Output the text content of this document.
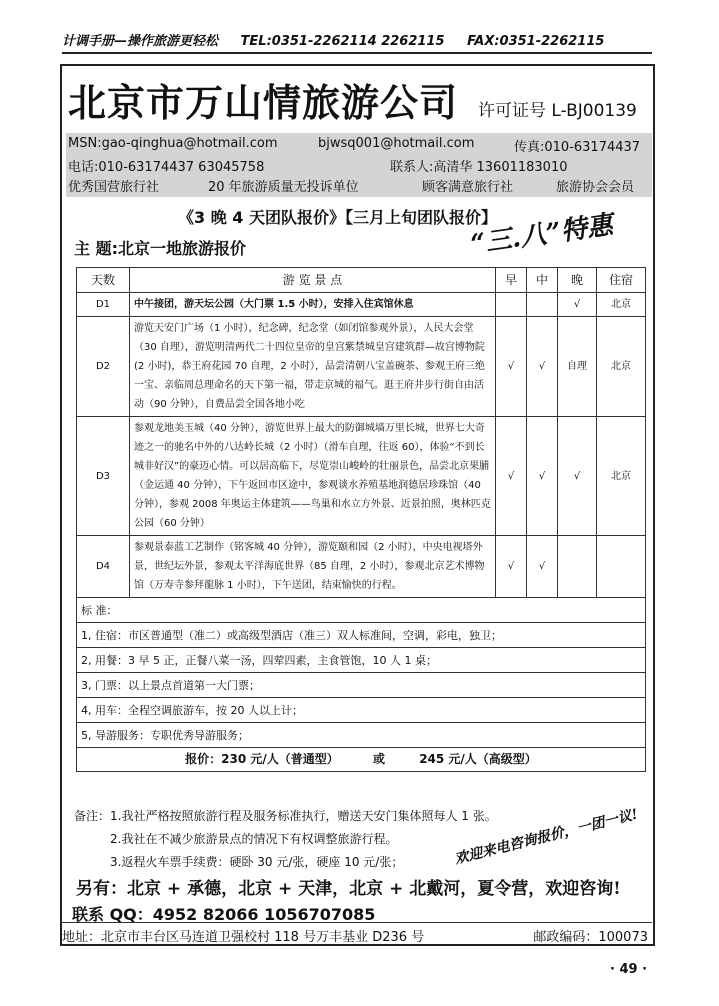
计调手册—操作旅游更轻松 TEL:0351-2262114 2262115 FAX:0351-2262115
北京市万山情旅游公司 许可证号 L-BJ00139
MSN:gao-qinghua@hotmail.com	bjwsq001@hotmail.com	传真:010-63174437
电话:010-63174437 63045758	联系人:高清华 13601183010
优秀国营旅行社	20 年旅游质量无投诉单位	顾客满意旅行社	旅游协会会员
《3 晚 4 天团队报价》【三月上旬团队报价】
主 题:北京一地旅游报价	“三.八”特惠
天数	游 览 景 点	早	中	晚	住宿
D1	中午接团，游天坛公园（大门票 1.5 小时），安排入住宾馆休息			√	北京
D2	游览天安门广场（1 小时），纪念碑，纪念堂（如闭馆参观外景），人民大会堂（30 自理），游览明清两代二十四位皇帝的皇宫紫禁城皇宫建筑群—故宫博物院(2 小时)，恭王府花园 70 自理，2 小时），品尝清朝八宝盖碗茶、参观王府三绝一宝、亲临周总理命名的天下第一福，带走京城的福气。逛王府井步行街自由活动（90 分钟），自费品尝全国各地小吃	√	√	自理	北京
D3	参观龙地美玉城（40 分钟），游览世界上最大的防御城墙万里长城，世界七大奇迹之一的驰名中外的八达岭长城（2 小时）（滑车自理，往返 60），体验“不到长城非好汉”的豪迈心情。可以居高临下，尽览崇山峻岭的壮丽景色，品尝北京果脯（金运通 40 分钟），下午返回市区途中，参观谈水养殖基地润德居珍珠馆（40 分钟），参观 2008 年奥运主体建筑——鸟巢和水立方外景、近景拍照，奥林匹克公园（60 分钟）	√	√	√	北京
D4	参观景泰蓝工艺制作（铭客城 40 分钟），游览颐和园（2 小时），中央电视塔外景，世纪坛外景，参观太平洋海底世界（85 自理，2 小时），参观北京艺术博物馆（万寿寺参拜龍脉 1 小时），下午送团，结束愉快的行程。	√	√		
标 准：					
1, 住宿：市区普通型（准二）或高级型酒店（准三）双人标准间，空调，彩电，独卫；					
2, 用餐：3 早 5 正，正餐八菜一汤，四荤四素，主食管饱，10 人 1 桌；					
3, 门票：以上景点首道第一大门票；					
4, 用车：全程空调旅游车，按 20 人以上计；					
5, 导游服务：专职优秀导游服务；					
报价：230 元/人（普通型） 或 245 元/人（高级型）					
备注：1.我社严格按照旅游行程及服务标准执行，赠送天安门集体照每人 1 张。
2.我社在不减少旅游景点的情况下有权调整旅游行程。
3.返程火车票手续费：硬卧 30 元/张，硬座 10 元/张；	欢迎来电咨询报价，一团一议!
另有：北京 + 承德，北京 + 天津，北京 + 北戴河，夏令营，欢迎咨询!
联系 QQ：4952 82066 1056707085
地址：北京市丰台区马连道卫强校村 118 号万丰基业 D236 号	邮政编码：100073
· 49 ·
